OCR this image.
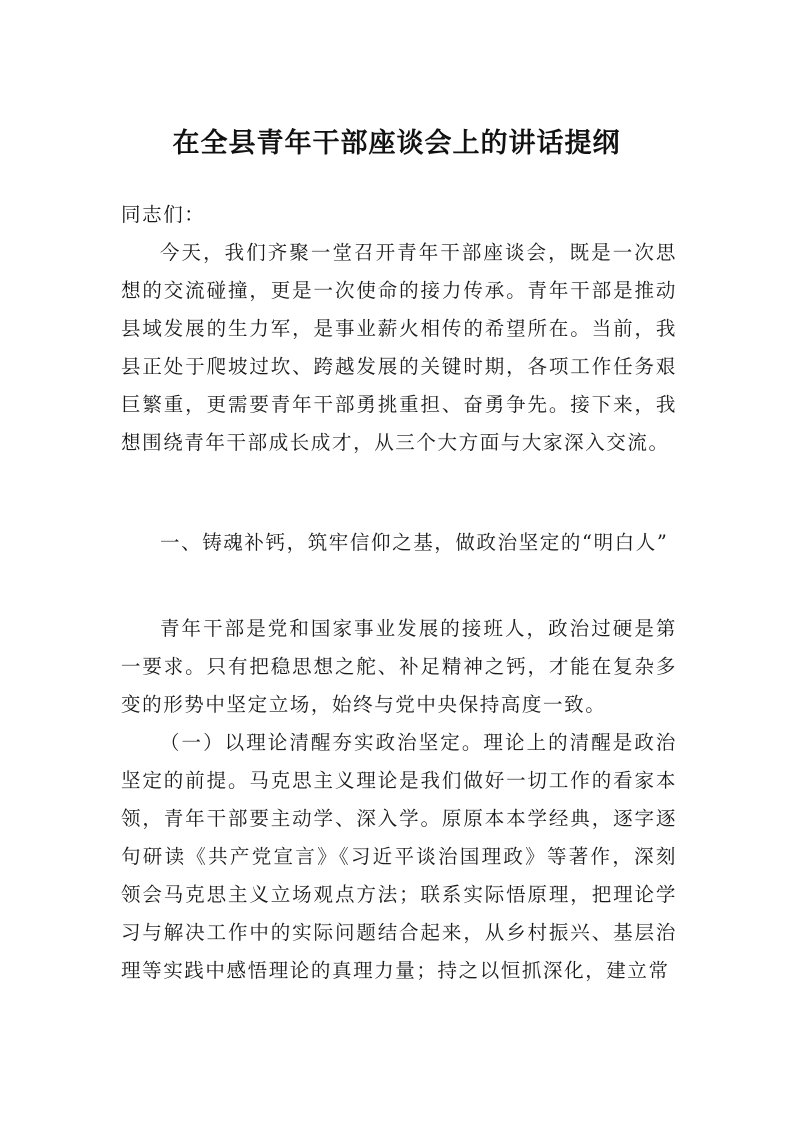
在全县青年干部座谈会上的讲话提纲

同志们：

今天，我们齐聚一堂召开青年干部座谈会，既是一次思想的交流碰撞，更是一次使命的接力传承。青年干部是推动县域发展的生力军，是事业薪火相传的希望所在。当前，我县正处于爬坡过坎、跨越发展的关键时期，各项工作任务艰巨繁重，更需要青年干部勇挑重担、奋勇争先。接下来，我想围绕青年干部成长成才，从三个大方面与大家深入交流。

一、铸魂补钙，筑牢信仰之基，做政治坚定的“明白人”

青年干部是党和国家事业发展的接班人，政治过硬是第一要求。只有把稳思想之舵、补足精神之钙，才能在复杂多变的形势中坚定立场，始终与党中央保持高度一致。

（一）以理论清醒夯实政治坚定。理论上的清醒是政治坚定的前提。马克思主义理论是我们做好一切工作的看家本领，青年干部要主动学、深入学。原原本本学经典，逐字逐句研读《共产党宣言》《习近平谈治国理政》等著作，深刻领会马克思主义立场观点方法；联系实际悟原理，把理论学习与解决工作中的实际问题结合起来，从乡村振兴、基层治理等实践中感悟理论的真理力量；持之以恒抓深化，建立常
